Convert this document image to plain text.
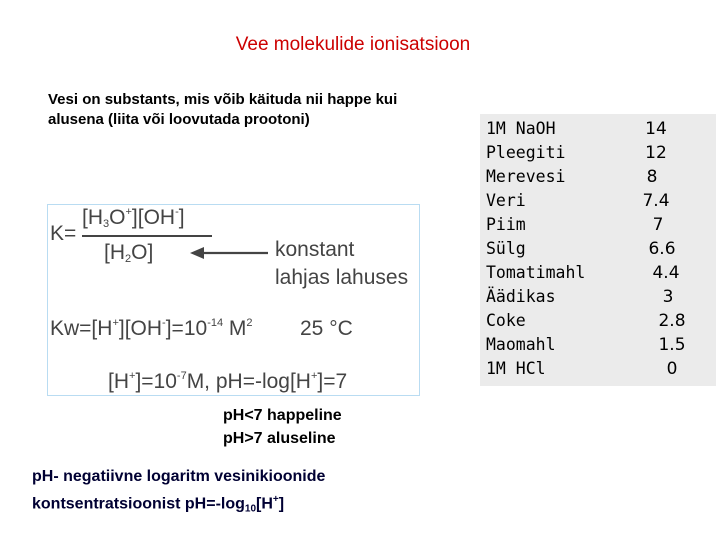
Vee molekulide ionisatsioon
Vesi on substants, mis võib käituda nii happe kui alusena (liita või loovutada prootoni)
K=
$[H_3O^+][OH^-]$
$[H_2O]$	konstant
lahjas lahuses
$Kw=[H^+][OH^-]=10^{-14}$ $M^2$ 25 °C
$[H^+]=10^{-7}M$, pH=-log[H+]=7
pH<7 happeline
pH>7 aluseline
pH- negatiivne logaritm vesinikioonide
kontsentratsioonist $pH=-\log_{10}[H^+]$
1M NaOH	14
Pleegiti	12
Merevesi	8
Veri	7.4
Piim	7
Sülg	6.6
Tomatimahl	4.4
Äädikas	3
Coke	2.8
Maomahl	1.5
1M HCl	0
